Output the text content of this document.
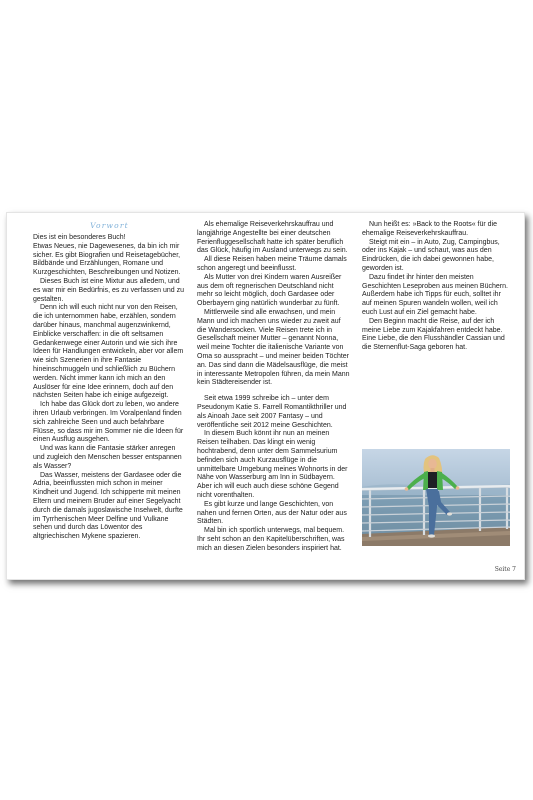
Vorwort

Dies ist ein besonderes Buch!

Etwas Neues, nie Dagewesenes, da bin ich mir sicher. Es gibt Biografien und Reisetagebücher, Bildbände und Erzählungen, Romane und Kurzgeschichten, Beschreibungen und Notizen.

Dieses Buch ist eine Mixtur aus alledem, und es war mir ein Bedürfnis, es zu verfassen und zu gestalten.

Denn ich will euch nicht nur von den Reisen, die ich unternommen habe, erzählen, sondern darüber hinaus, manchmal augenzwinkernd, Einblicke verschaffen: in die oft seltsamen Gedankenwege einer Autorin und wie sich ihre Ideen für Handlungen entwickeln, aber vor allem wie sich Szenerien in ihre Fantasie hineinschmuggeln und schließlich zu Büchern werden. Nicht immer kann ich mich an den Auslöser für eine Idee erinnern, doch auf den nächsten Seiten habe ich einige aufgezeigt.

Ich habe das Glück dort zu leben, wo andere ihren Urlaub verbringen. Im Voralpenland finden sich zahlreiche Seen und auch befahrbare Flüsse, so dass mir im Sommer nie die Ideen für einen Ausflug ausgehen.

Und was kann die Fantasie stärker anregen und zugleich den Menschen besser entspannen als Wasser?

Das Wasser, meistens der Gardasee oder die Adria, beeinflussten mich schon in meiner Kindheit und Jugend. Ich schipperte mit meinen Eltern und meinem Bruder auf einer Segelyacht durch die damals jugoslawische Inselwelt, durfte im Tyrrhenischen Meer Delfine und Vulkane sehen und durch das Löwentor des altgriechischen Mykene spazieren.

Als ehemalige Reiseverkehrskauffrau und langjährige Angestellte bei einer deutschen Ferienfluggesellschaft hatte ich später beruflich das Glück, häufig im Ausland unterwegs zu sein.

All diese Reisen haben meine Träume damals schon angeregt und beeinflusst.

Als Mutter von drei Kindern waren Ausreißer aus dem oft regnerischen Deutschland nicht mehr so leicht möglich, doch Gardasee oder Oberbayern ging natürlich wunderbar zu fünft.

Mittlerweile sind alle erwachsen, und mein Mann und ich machen uns wieder zu zweit auf die Wandersocken. Viele Reisen trete ich in Gesellschaft meiner Mutter – genannt Nonna, weil meine Tochter die italienische Variante von Oma so ausspracht – und meiner beiden Töchter an. Das sind dann die Mädelsausflüge, die meist in interessante Metropolen führen, da mein Mann kein Städtereisender ist.

Seit etwa 1999 schreibe ich – unter dem Pseudonym Katie S. Farrell Romantikthriller und als Ainoah Jace seit 2007 Fantasy – und veröffentliche seit 2012 meine Geschichten.

In diesem Buch könnt ihr nun an meinen Reisen teilhaben. Das klingt ein wenig hochtrabend, denn unter dem Sammelsurium befinden sich auch Kurzausflüge in die unmittelbare Umgebung meines Wohnorts in der Nähe von Wasserburg am Inn in Südbayern. Aber ich will euch auch diese schöne Gegend nicht vorenthalten.

Es gibt kurze und lange Geschichten, von nahen und fernen Orten, aus der Natur oder aus Städten.

Mal bin ich sportlich unterwegs, mal bequem. Ihr seht schon an den Kapitelüberschriften, was mich an diesen Zielen besonders inspiriert hat.

Nun heißt es: »Back to the Roots« für die ehemalige Reiseverkehrskauffrau.

Steigt mit ein – in Auto, Zug, Campingbus, oder ins Kajak – und schaut, was aus den Eindrücken, die ich dabei gewonnen habe, geworden ist.

Dazu findet ihr hinter den meisten Geschichten Leseproben aus meinen Büchern. Außerdem habe ich Tipps für euch, solltet ihr auf meinen Spuren wandeln wollen, weil ich euch Lust auf ein Ziel gemacht habe.

Den Beginn macht die Reise, auf der ich meine Liebe zum Kajakfahren entdeckt habe. Eine Liebe, die den Flusshändler Cassian und die Sternenflut-Saga geboren hat.

Seite 7
